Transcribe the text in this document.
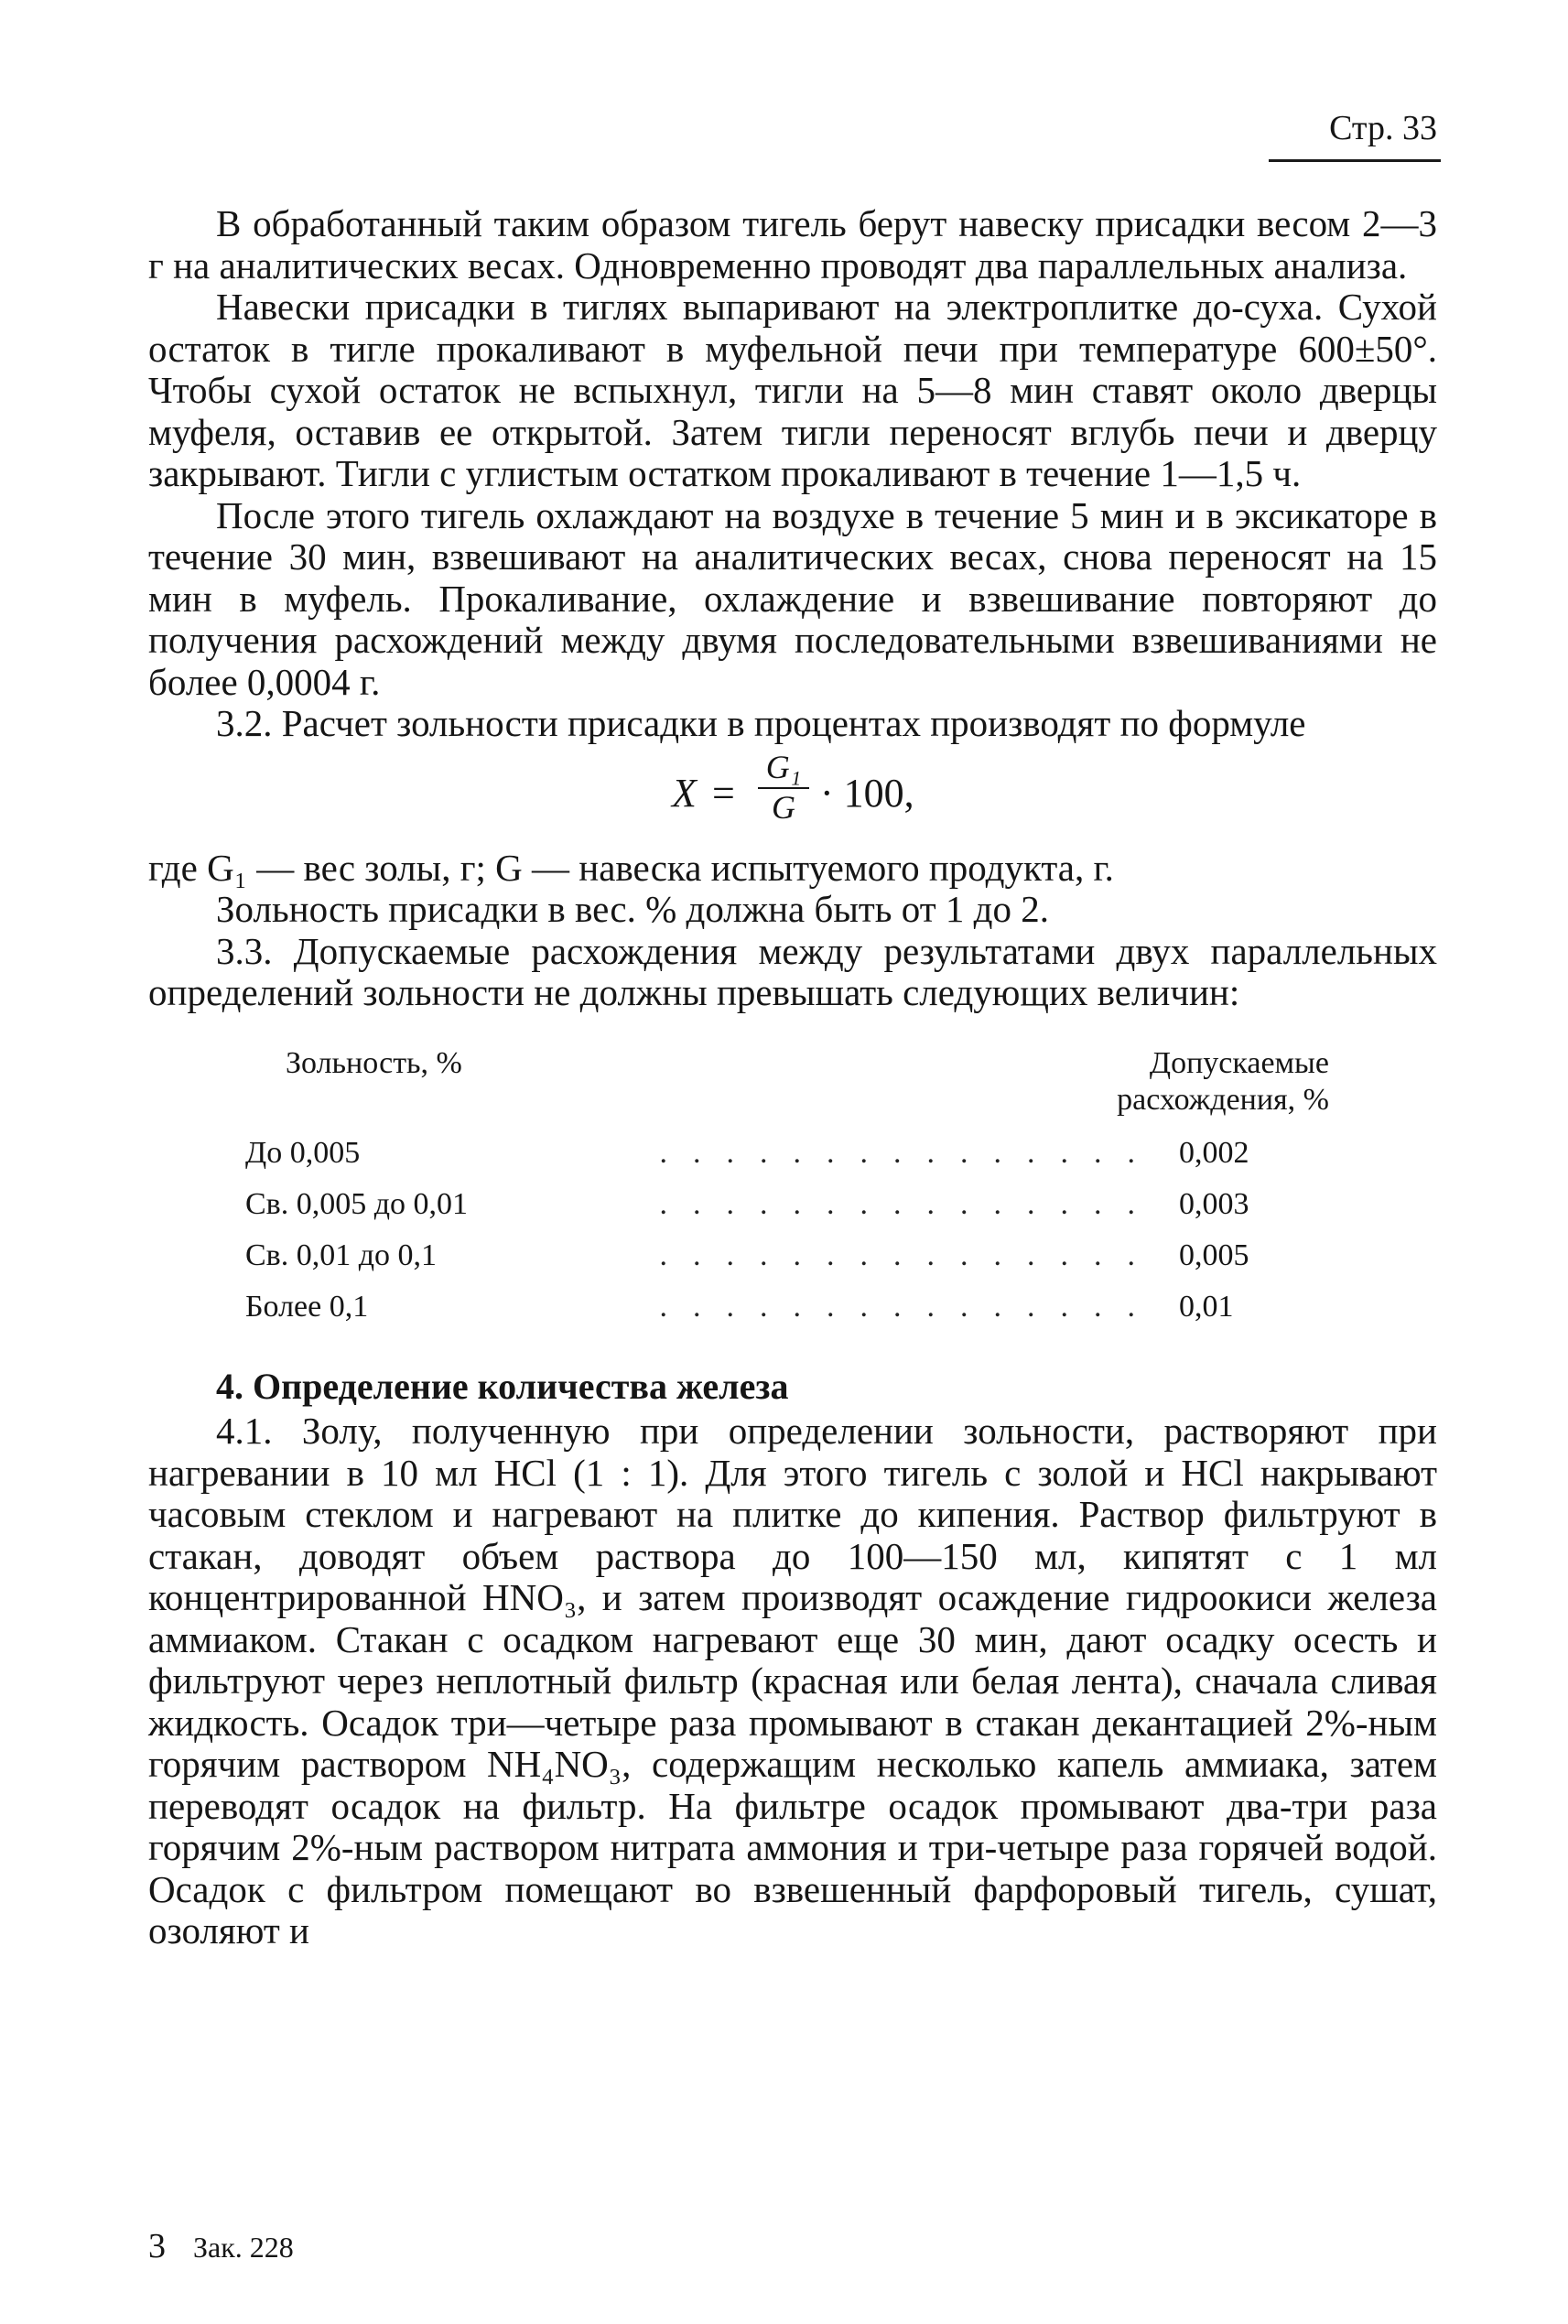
Стр. 33

В обработанный таким образом тигель берут навеску присадки весом 2—3 г на аналитических весах. Одновременно проводят два параллельных анализа.

Навески присадки в тиглях выпаривают на электроплитке до-суха. Сухой остаток в тигле прокаливают в муфельной печи при температуре 600±50°. Чтобы сухой остаток не вспыхнул, тигли на 5—8 мин ставят около дверцы муфеля, оставив ее открытой. Затем тигли переносят вглубь печи и дверцу закрывают. Тигли с углистым остатком прокаливают в течение 1—1,5 ч.

После этого тигель охлаждают на воздухе в течение 5 мин и в эксикаторе в течение 30 мин, взвешивают на аналитических весах, снова переносят на 15 мин в муфель. Прокаливание, охлаждение и взвешивание повторяют до получения расхождений между двумя последовательными взвешиваниями не более 0,0004 г.

3.2. Расчет зольности присадки в процентах производят по формуле

$X = \frac{\text{G₁}}{G} \cdot 100$,

где G₁ — вес золы, г; G — навеска испытуемого продукта, г.

Зольность присадки в вес. % должна быть от 1 до 2.

3.3. Допускаемые расхождения между результатами двух параллельных определений зольности не должны превышать следующих величин:

Зольность, %	Допускаемые
расхождения, %
...............
До 0,005	0,002
...............
Св. 0,005 до 0,01	0,003
...............
Св. 0,01 до 0,1	0,005
...............
Более 0,1	0,01
4. Определение количества железа

4.1. Золу, полученную при определении зольности, растворяют при нагревании в 10 мл HCl (1 : 1). Для этого тигель с золой и HCl накрывают часовым стеклом и нагревают на плитке до кипения. Раствор фильтруют в стакан, доводят объем раствора до 100—150 мл, кипятят с 1 мл концентрированной HNO₃, и затем производят осаждение гидроокиси железа аммиаком. Стакан с осадком нагревают еще 30 мин, дают осадку осесть и фильтруют через неплотный фильтр (красная или белая лента), сначала сливая жидкость. Осадок три—четыре раза промывают в стакан декантацией 2%-ным горячим раствором NH₄NO₃, содержащим несколько капель аммиака, затем переводят осадок на фильтр. На фильтре осадок промывают два-три раза горячим 2%-ным раствором нитрата аммония и три-четыре раза горячей водой. Осадок с фильтром помещают во взвешенный фарфоровый тигель, сушат, озоляют и

3 Зак. 228
